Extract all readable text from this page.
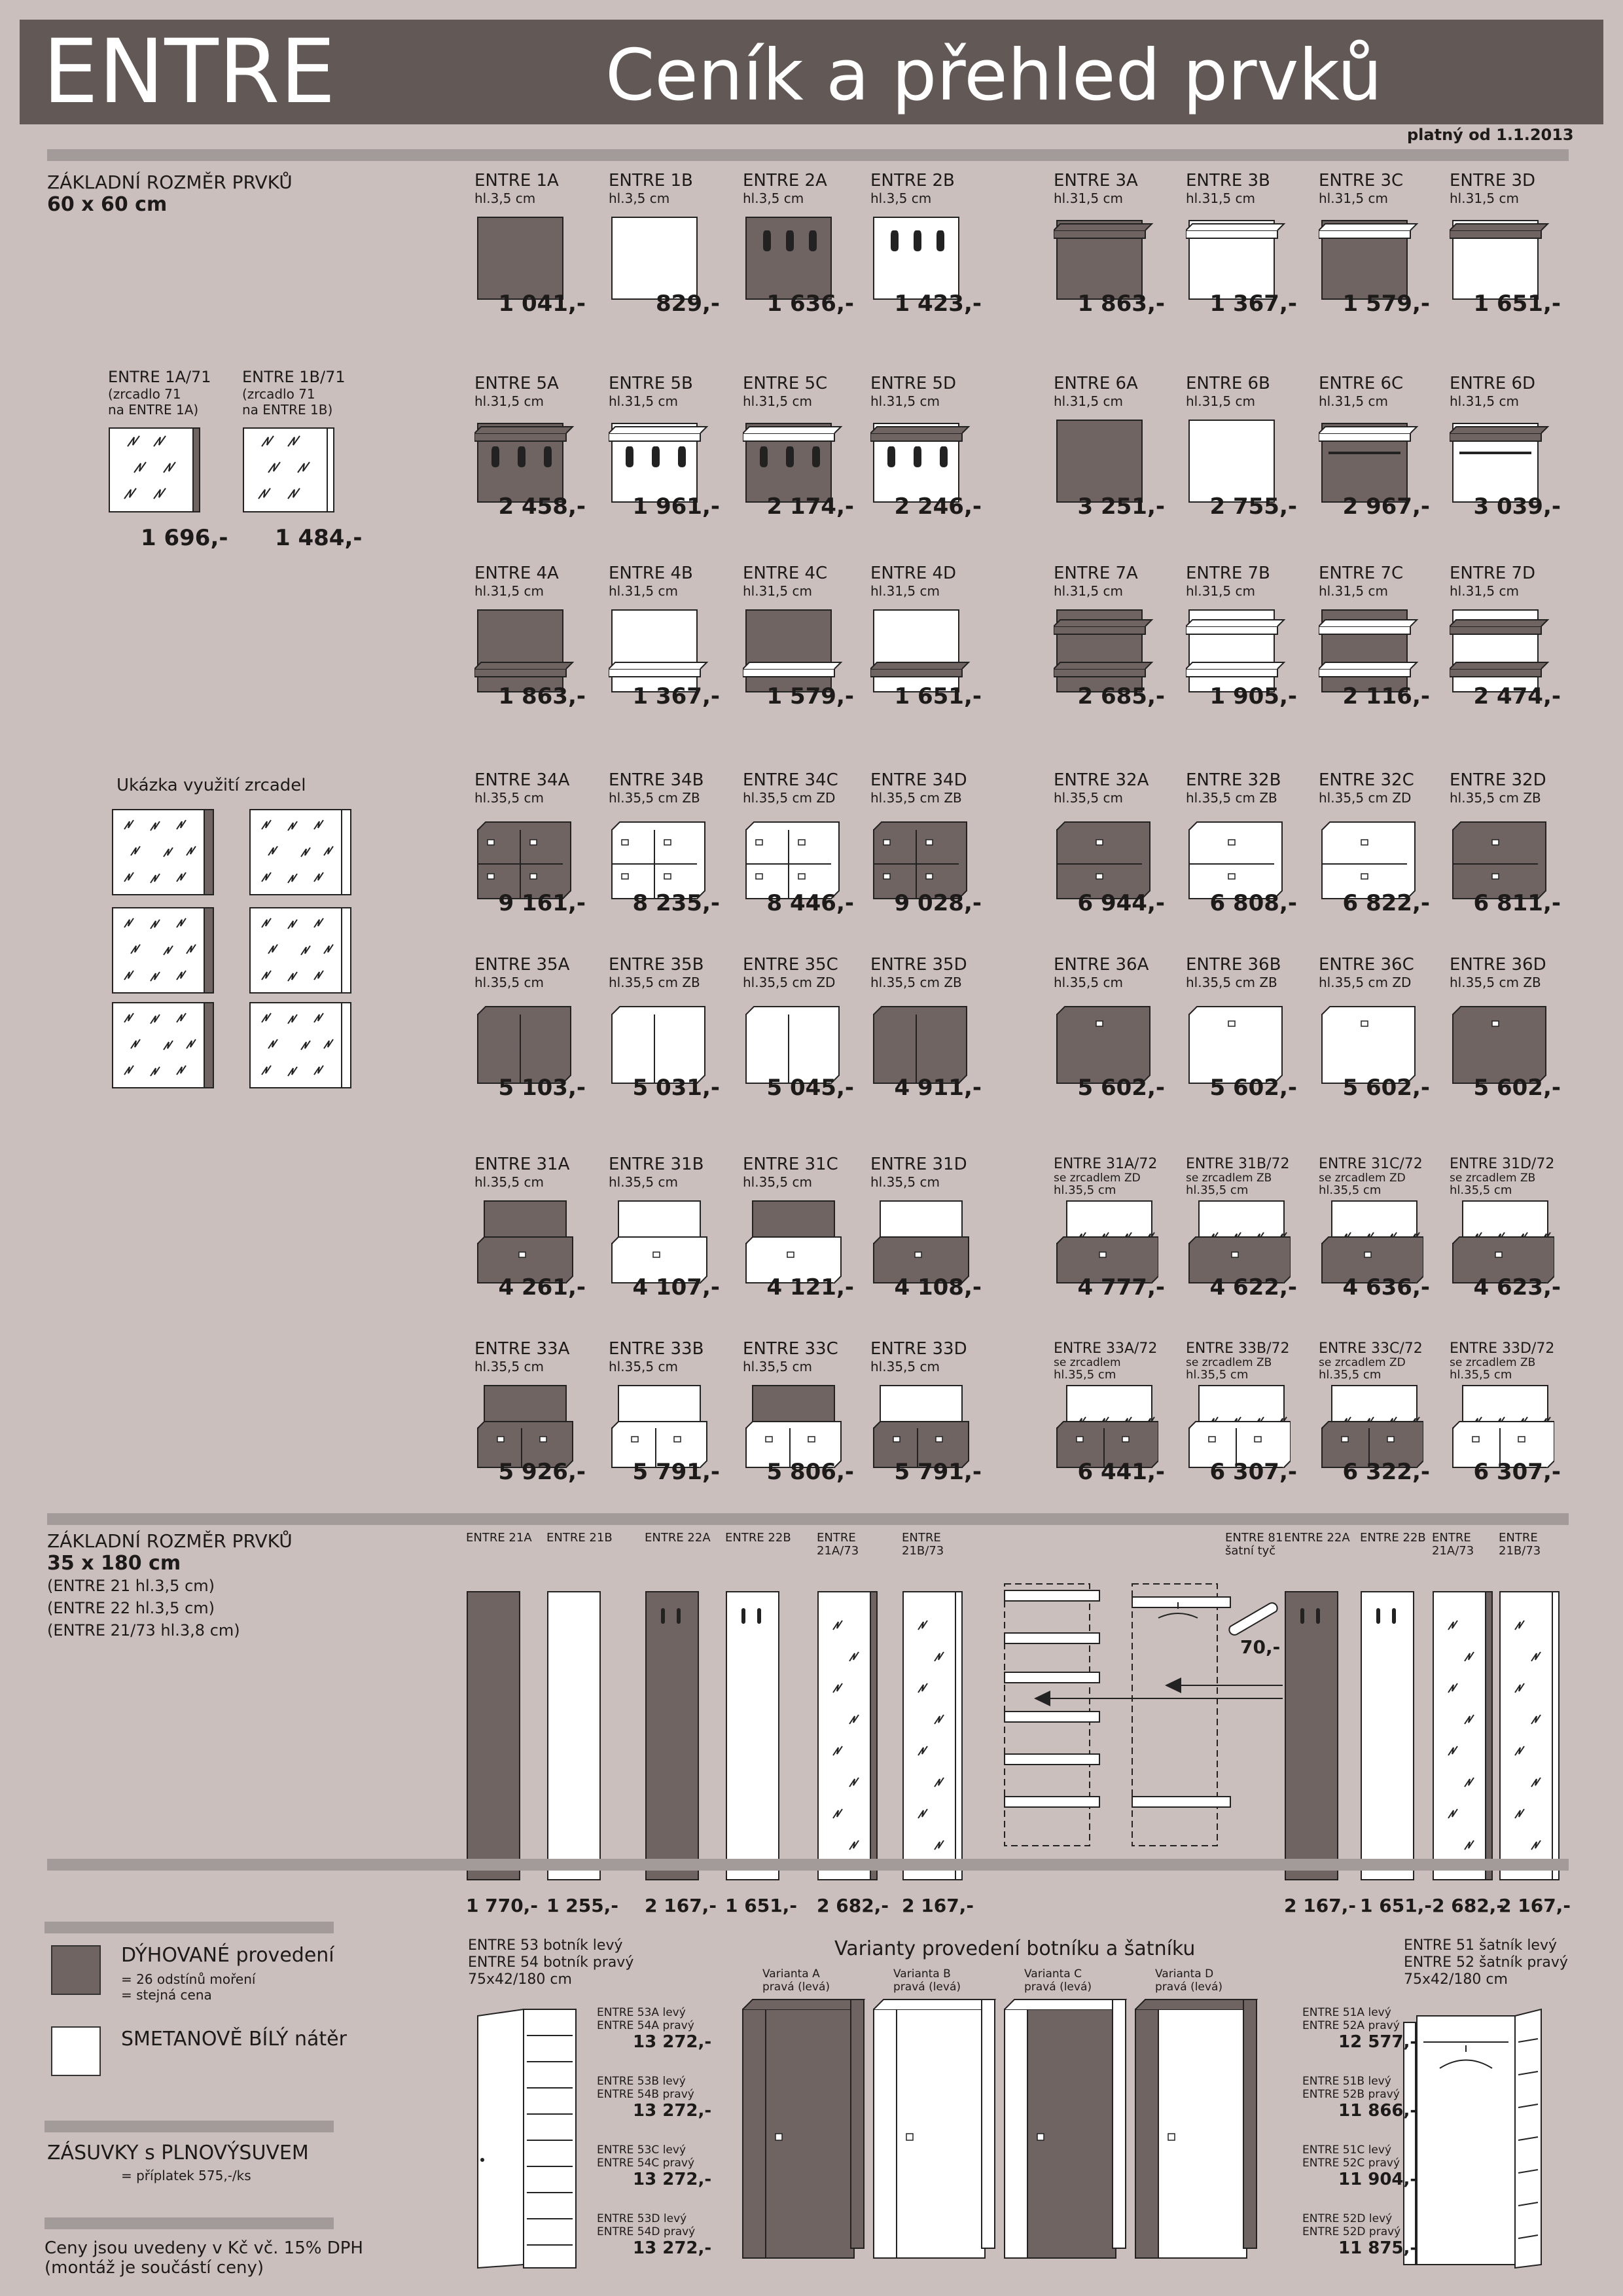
ENTRE	Ceník a přehled prvků
platný od 1.1.2013
ZÁKLADNÍ ROZMĚR PRVKŮ
60 x 60 cm
ENTRE 1A/71
(zrcadlo 71
na ENTRE 1A)
1 696,-
ENTRE 1B/71
(zrcadlo 71
na ENTRE 1B)
1 484,-
Ukázka využití zrcadel
ENTRE 1A
hl.3,5 cm
1 041,-
ENTRE 1B
hl.3,5 cm
829,-
ENTRE 2A
hl.3,5 cm
1 636,-
ENTRE 2B
hl.3,5 cm
1 423,-
ENTRE 3A
hl.31,5 cm
1 863,-
ENTRE 3B
hl.31,5 cm
1 367,-
ENTRE 3C
hl.31,5 cm
1 579,-
ENTRE 3D
hl.31,5 cm
1 651,-
ENTRE 5A
hl.31,5 cm
2 458,-
ENTRE 5B
hl.31,5 cm
1 961,-
ENTRE 5C
hl.31,5 cm
2 174,-
ENTRE 5D
hl.31,5 cm
2 246,-
ENTRE 6A
hl.31,5 cm
3 251,-
ENTRE 6B
hl.31,5 cm
2 755,-
ENTRE 6C
hl.31,5 cm
2 967,-
ENTRE 6D
hl.31,5 cm
3 039,-
ENTRE 4A
hl.31,5 cm
1 863,-
ENTRE 4B
hl.31,5 cm
1 367,-
ENTRE 4C
hl.31,5 cm
1 579,-
ENTRE 4D
hl.31,5 cm
1 651,-
ENTRE 7A
hl.31,5 cm
2 685,-
ENTRE 7B
hl.31,5 cm
1 905,-
ENTRE 7C
hl.31,5 cm
2 116,-
ENTRE 7D
hl.31,5 cm
2 474,-
ENTRE 34A
hl.35,5 cm
9 161,-
ENTRE 34B
hl.35,5 cm ZB
8 235,-
ENTRE 34C
hl.35,5 cm ZD
8 446,-
ENTRE 34D
hl.35,5 cm ZB
9 028,-
ENTRE 32A
hl.35,5 cm
6 944,-
ENTRE 32B
hl.35,5 cm ZB
6 808,-
ENTRE 32C
hl.35,5 cm ZD
6 822,-
ENTRE 32D
hl.35,5 cm ZB
6 811,-
ENTRE 35A
hl.35,5 cm
5 103,-
ENTRE 35B
hl.35,5 cm ZB
5 031,-
ENTRE 35C
hl.35,5 cm ZD
5 045,-
ENTRE 35D
hl.35,5 cm ZB
4 911,-
ENTRE 36A
hl.35,5 cm
5 602,-
ENTRE 36B
hl.35,5 cm ZB
5 602,-
ENTRE 36C
hl.35,5 cm ZD
5 602,-
ENTRE 36D
hl.35,5 cm ZB
5 602,-
ENTRE 31A
hl.35,5 cm
4 261,-
ENTRE 31B
hl.35,5 cm
4 107,-
ENTRE 31C
hl.35,5 cm
4 121,-
ENTRE 31D
hl.35,5 cm
4 108,-
ENTRE 31A/72
se zrcadlem ZD
hl.35,5 cm
4 777,-
ENTRE 31B/72
se zrcadlem ZB
hl.35,5 cm
4 622,-
ENTRE 31C/72
se zrcadlem ZD
hl.35,5 cm
4 636,-
ENTRE 31D/72
se zrcadlem ZB
hl.35,5 cm
4 623,-
ENTRE 33A
hl.35,5 cm
5 926,-
ENTRE 33B
hl.35,5 cm
5 791,-
ENTRE 33C
hl.35,5 cm
5 806,-
ENTRE 33D
hl.35,5 cm
5 791,-
ENTRE 33A/72
se zrcadlem
hl.35,5 cm
6 441,-
ENTRE 33B/72
se zrcadlem ZB
hl.35,5 cm
6 307,-
ENTRE 33C/72
se zrcadlem ZD
hl.35,5 cm
6 322,-
ENTRE 33D/72
se zrcadlem ZB
hl.35,5 cm
6 307,-
ZÁKLADNÍ ROZMĚR PRVKŮ
35 x 180 cm
(ENTRE 21 hl.3,5 cm)
(ENTRE 22 hl.3,5 cm)
(ENTRE 21/73 hl.3,8 cm)
ENTRE 21A
1 770,-
ENTRE 21B
1 255,-
ENTRE 22A
2 167,-
ENTRE 22B
1 651,-
ENTRE
21A/73
2 682,-
ENTRE
21B/73
2 167,-
ENTRE 22A
2 167,-
ENTRE 22B
1 651,-
ENTRE
21A/73
2 682,-
ENTRE
21B/73
2 167,-
ENTRE 81
šatní tyč
70,-
DÝHOVANÉ provedení
= 26 odstínů moření
= stejná cena
SMETANOVĚ BÍLÝ nátěr
ZÁSUVKY s PLNOVÝSUVEM
= příplatek 575,-/ks
Ceny jsou uvedeny v Kč vč. 15% DPH
(montáž je součástí ceny)
ENTRE 53 botník levý
ENTRE 54 botník pravý
75x42/180 cm
ENTRE 53A levý
ENTRE 54A pravý
13 272,-
ENTRE 53B levý
ENTRE 54B pravý
13 272,-
ENTRE 53C levý
ENTRE 54C pravý
13 272,-
ENTRE 53D levý
ENTRE 54D pravý
13 272,-
Varianty provedení botníku a šatníku
Varianta A
pravá (levá)
Varianta B
pravá (levá)
Varianta C
pravá (levá)
Varianta D
pravá (levá)
ENTRE 51 šatník levý
ENTRE 52 šatník pravý
75x42/180 cm
ENTRE 51A levý
ENTRE 52A pravý
12 577,-
ENTRE 51B levý
ENTRE 52B pravý
11 866,-
ENTRE 51C levý
ENTRE 52C pravý
11 904,-
ENTRE 52D levý
ENTRE 52D pravý
11 875,-
